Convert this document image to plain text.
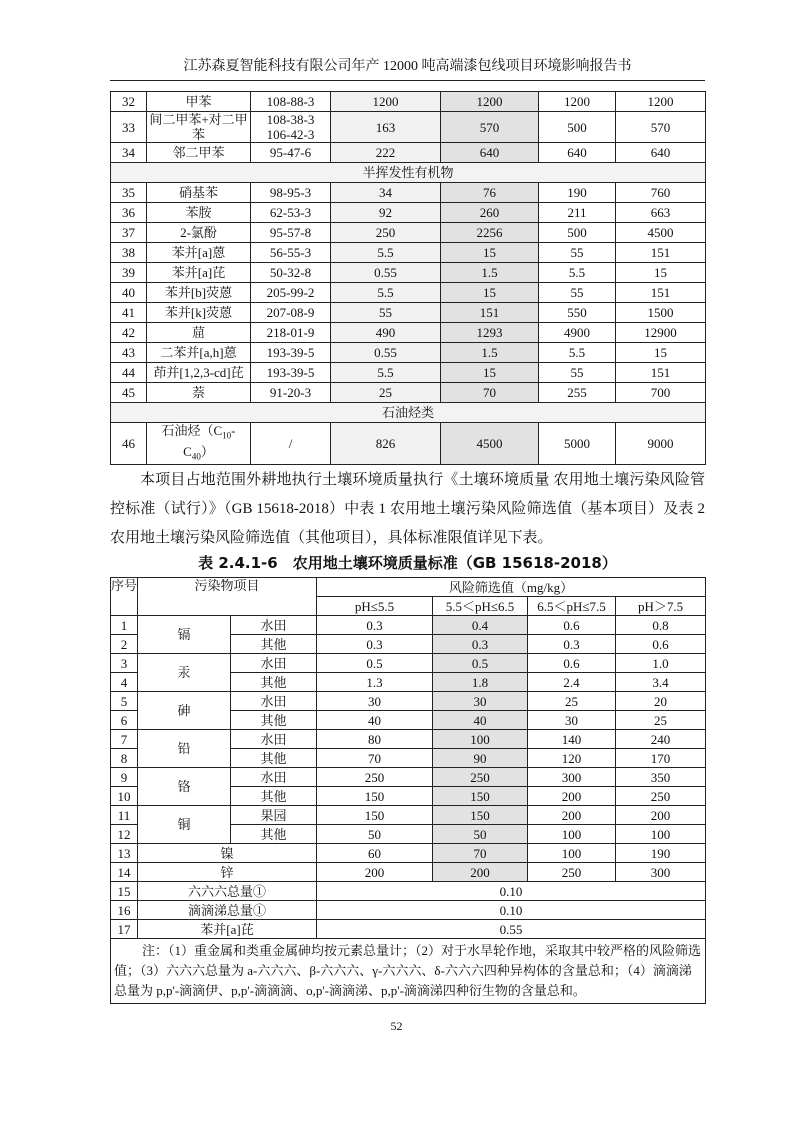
江苏森夏智能科技有限公司年产 12000 吨高端漆包线项目环境影响报告书
32	甲苯	108-88-3	1200	1200	1200	1200
33	间二甲苯+对二甲苯	108-38-3
106-42-3	163	570	500	570
34	邻二甲苯	95-47-6	222	640	640	640
半挥发性有机物						
35	硝基苯	98-95-3	34	76	190	760
36	苯胺	62-53-3	92	260	211	663
37	2-氯酚	95-57-8	250	2256	500	4500
38	苯并[a]蒽	56-55-3	5.5	15	55	151
39	苯并[a]芘	50-32-8	0.55	1.5	5.5	15
40	苯并[b]荧蒽	205-99-2	5.5	15	55	151
41	苯并[k]荧蒽	207-08-9	55	151	550	1500
42	䓛	218-01-9	490	1293	4900	12900
43	二苯并[a,h]蒽	193-39-5	0.55	1.5	5.5	15
44	茚并[1,2,3-cd]芘	193-39-5	5.5	15	55	151
45	萘	91-20-3	25	70	255	700
石油烃类						
46	石油烃$(C_{10}-C_{40})$	/	826	4500	5000	9000
本项目占地范围外耕地执行土壤环境质量执行《土壤环境质量 农用地土壤污染风险管控标准（试行）》（GB 15618-2018）中表 1 农用地土壤污染风险筛选值（基本项目）及表 2 农用地土壤污染风险筛选值（其他项目），具体标准限值详见下表。
表 2.4.1-6　农用地土壤环境质量标准（GB 15618-2018）
序号	污染物项目		风险筛选值（mg/kg）			
			pH≤5.5	5.5＜pH≤6.5	6.5＜pH≤7.5	pH＞7.5
1	镉	水田	0.3	0.4	0.6	0.8
2		其他	0.3	0.3	0.3	0.6
3	汞	水田	0.5	0.5	0.6	1.0
4		其他	1.3	1.8	2.4	3.4
5	砷	水田	30	30	25	20
6		其他	40	40	30	25
7	铅	水田	80	100	140	240
8		其他	70	90	120	170
9	铬	水田	250	250	300	350
10		其他	150	150	200	250
11	铜	果园	150	150	200	200
12		其他	50	50	100	100
13	镍		60	70	100	190
14	锌		200	200	250	300
15	六六六总量①		0.10			
16	滴滴涕总量①		0.10			
17	苯并[a]芘		0.55			

注：（1）重金属和类重金属砷均按元素总量计；（2）对于水旱轮作地，采取其中较严格的风险筛选值；（3）六六六总量为 a-六六六、β-六六六、γ-六六六、δ-六六六四种异构体的含量总和；（4）滴滴涕总量为 p,p'-滴滴伊、p,p'-滴滴滴、o,p'-滴滴涕、p,p'-滴滴涕四种衍生物的含量总和。						
52
